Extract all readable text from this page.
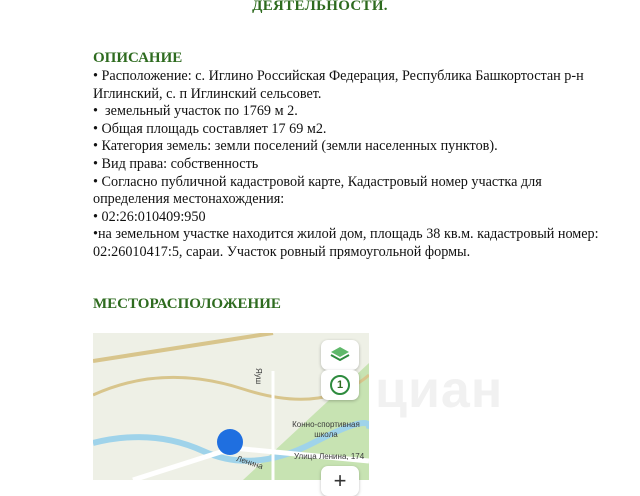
ДЕЯТЕЛЬНОСТИ.
ОПИСАНИЕ

• Расположение: с. Иглино Российская Федерация, Республика Башкортостан р-н Иглинский, с. п Иглинский сельсовет.

•  земельный участок по 1769 м 2.

• Общая площадь составляет 17 69 м2.

• Категория земель: земли поселений (земли населенных пунктов).

• Вид права: собственность

• Согласно публичной кадастровой карте, Кадастровый номер участка для определения местонахождения:

• 02:26:010409:950

•на земельном участке находится жилой дом, площадь 38 кв.м. кадастровый номер: 02:26010417:5, сараи. Участок ровный прямоугольной формы.

МЕСТОРАСПОЛОЖЕНИЕ
циан
Яуш
Конно-спортивная школа
Ленина	Улица Ленина, 174
1
+
